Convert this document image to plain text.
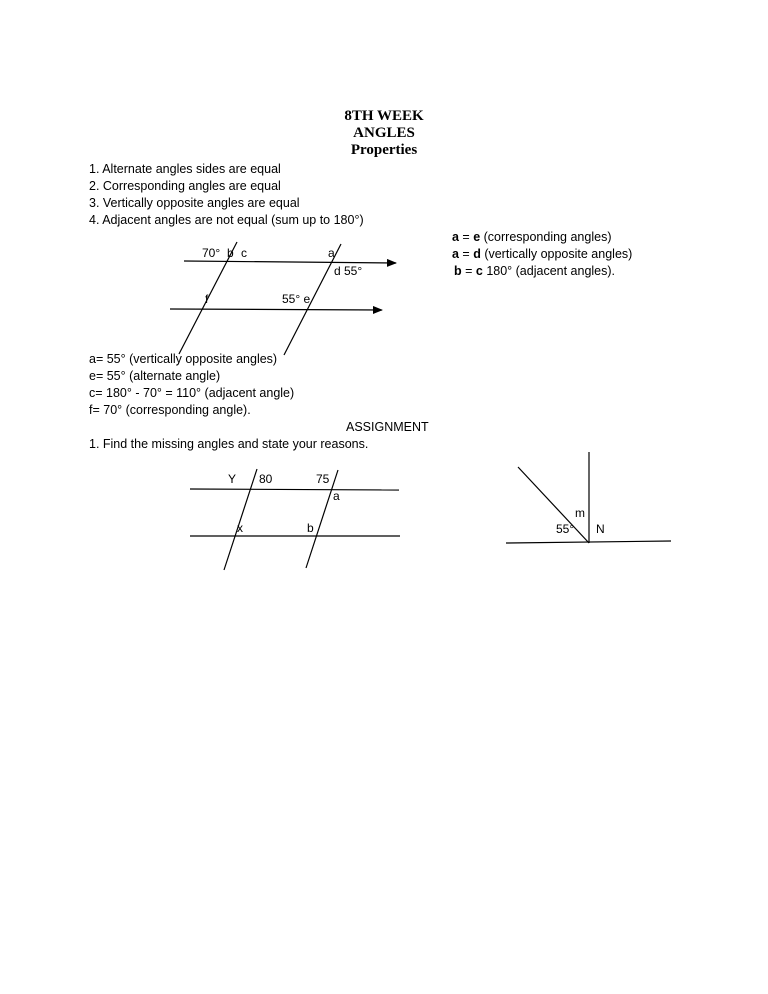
8TH WEEK
ANGLES
Properties
1. Alternate angles sides are equal
2. Corresponding angles are equal
3. Vertically opposite angles are equal
4. Adjacent angles are not equal (sum up to 180°)
a = e (corresponding angles)
a = d (vertically opposite angles)
b = c 180° (adjacent angles).
70° b c	a
d 55°
f	55° e
a= 55° (vertically opposite angles)
e= 55° (alternate angle)
c= 180° - 70° = 110° (adjacent angle)
f= 70° (corresponding angle).
ASSIGNMENT
1. Find the missing angles and state your reasons.
Y 80	75
a
x	b
m
55° N
